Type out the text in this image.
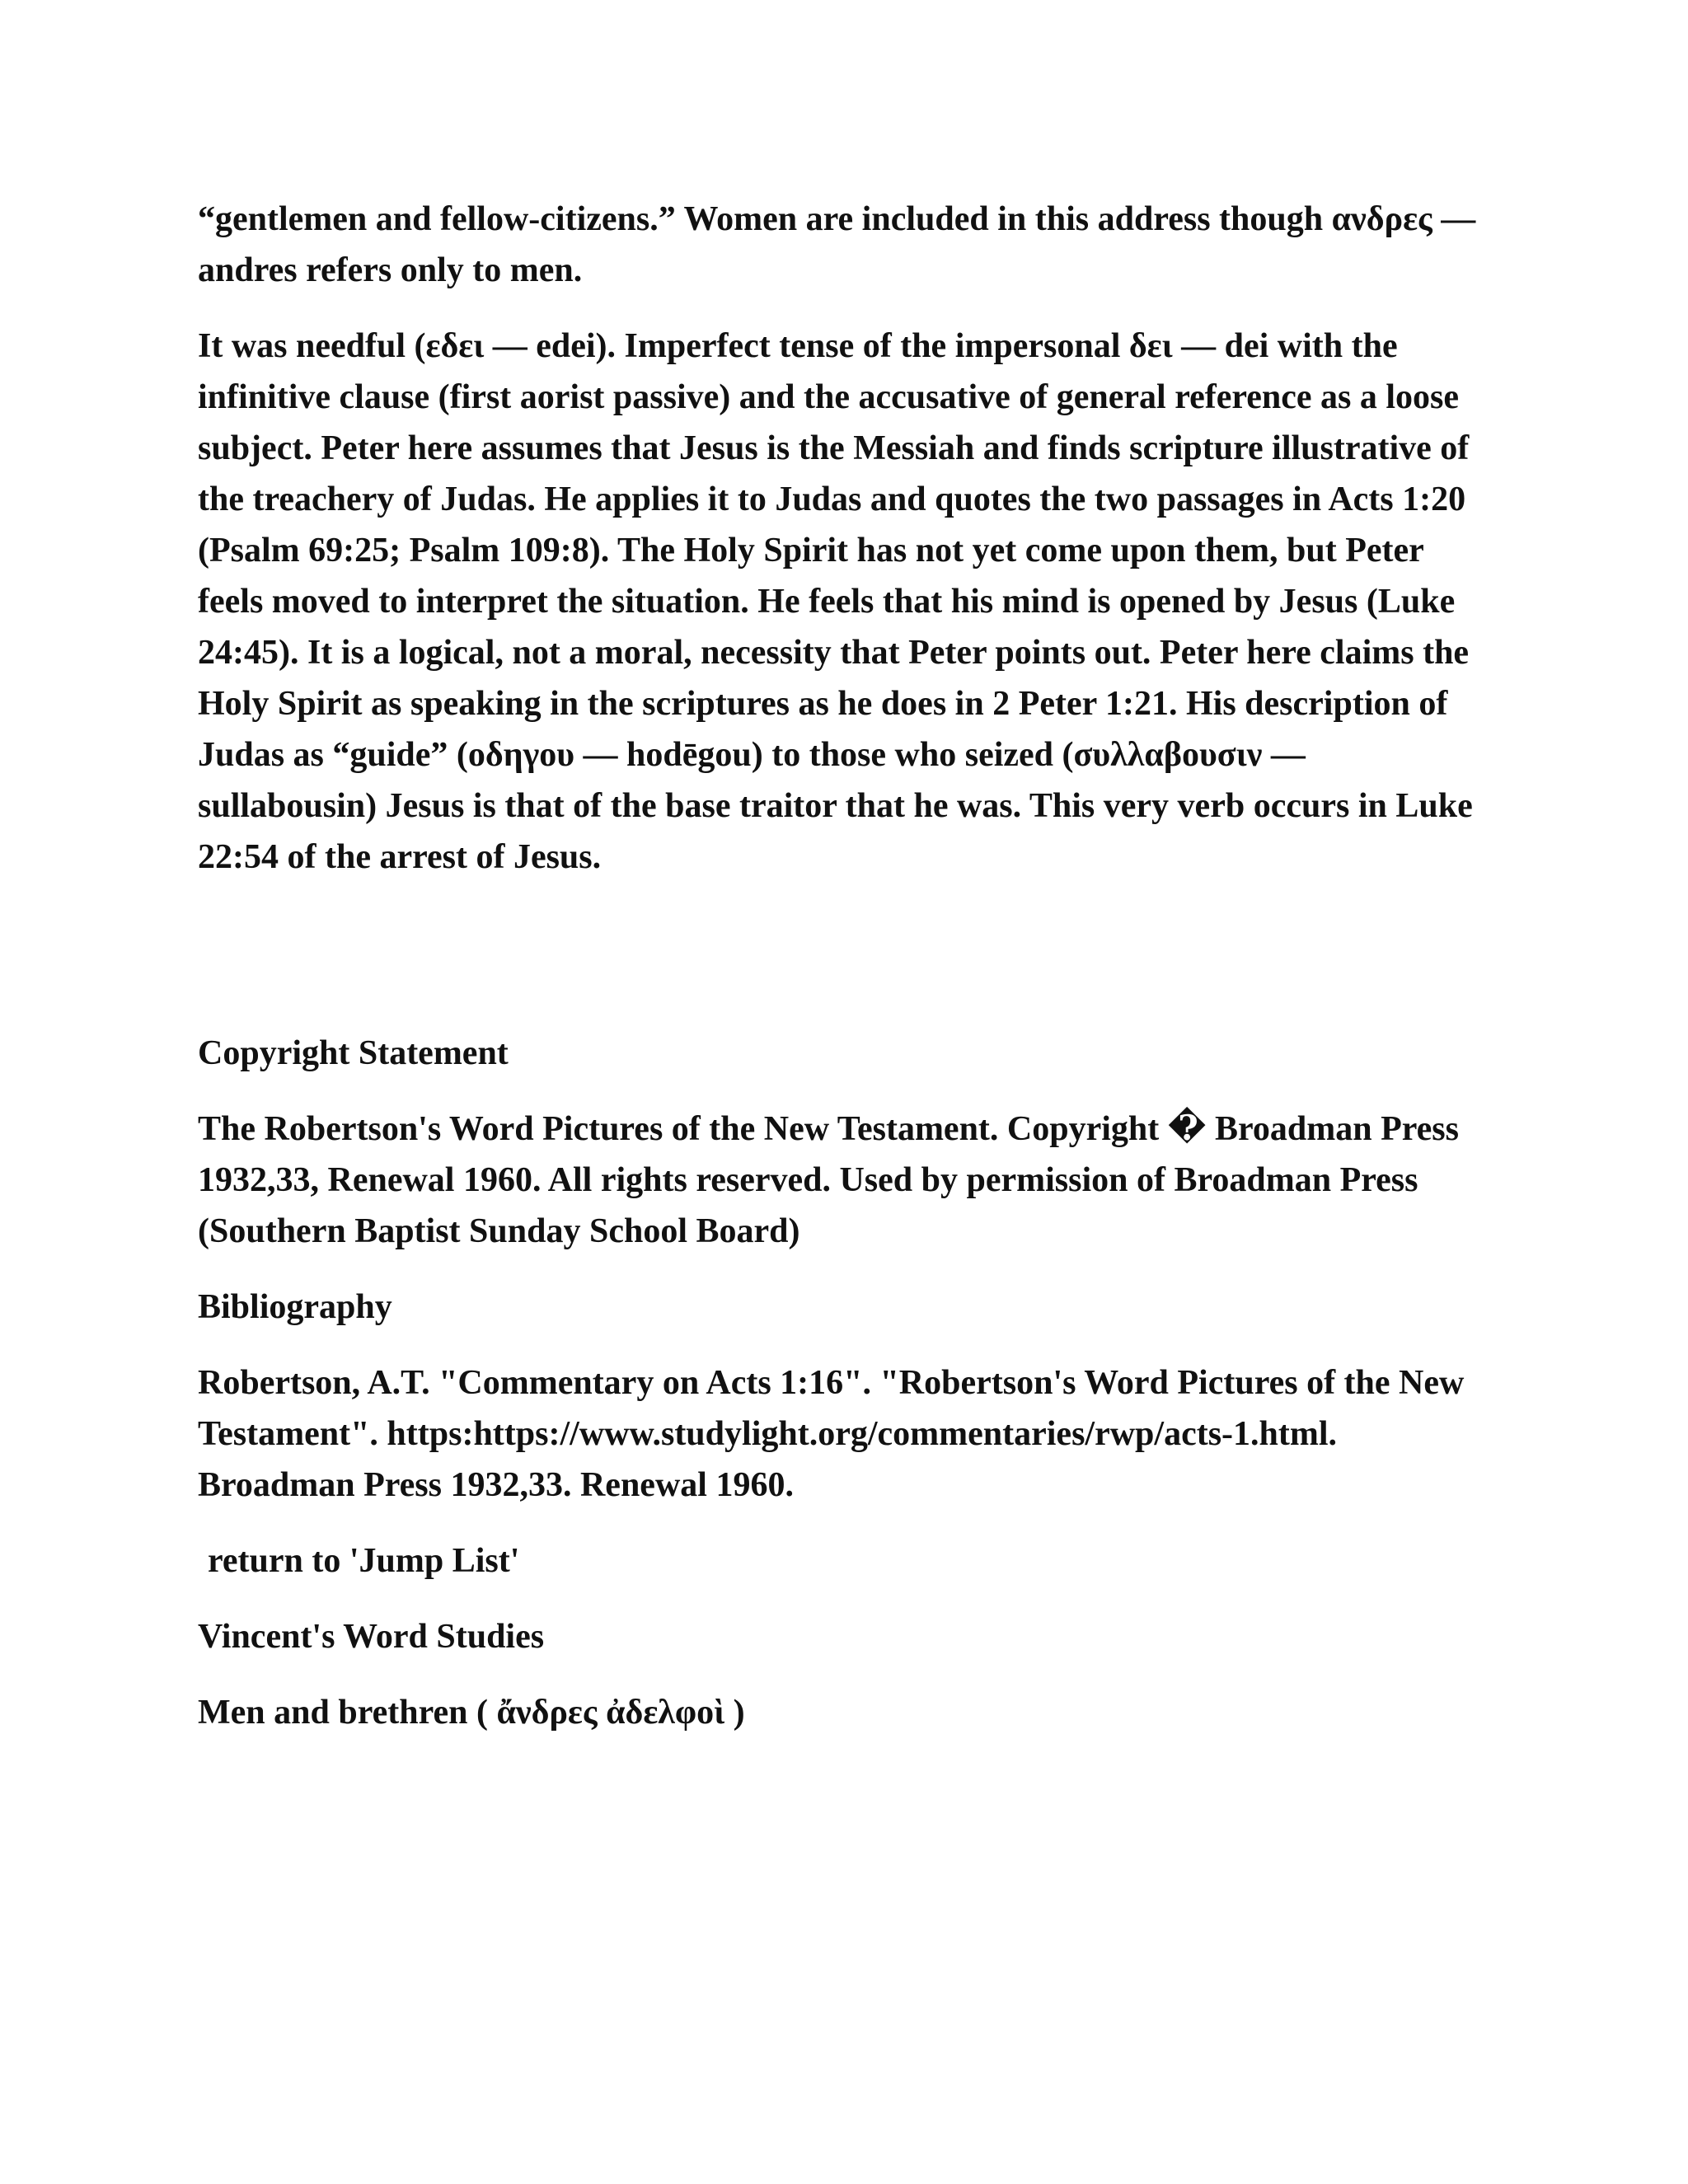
“gentlemen and fellow-citizens.” Women are included in this address though ανδρες — andres refers only to men.

It was needful (εδει — edei). Imperfect tense of the impersonal δει — dei with the infinitive clause (first aorist passive) and the accusative of general reference as a loose subject. Peter here assumes that Jesus is the Messiah and finds scripture illustrative of the treachery of Judas. He applies it to Judas and quotes the two passages in Acts 1:20 (Psalm 69:25; Psalm 109:8). The Holy Spirit has not yet come upon them, but Peter feels moved to interpret the situation. He feels that his mind is opened by Jesus (Luke 24:45). It is a logical, not a moral, necessity that Peter points out. Peter here claims the Holy Spirit as speaking in the scriptures as he does in 2 Peter 1:21. His description of Judas as “guide” (οδηγου — hodēgou) to those who seized (συλλαβουσιν — sullabousin) Jesus is that of the base traitor that he was. This very verb occurs in Luke 22:54 of the arrest of Jesus.

Copyright Statement

The Robertson's Word Pictures of the New Testament. Copyright � Broadman Press 1932,33, Renewal 1960. All rights reserved. Used by permission of Broadman Press (Southern Baptist Sunday School Board)

Bibliography

Robertson, A.T. "Commentary on Acts 1:16". "Robertson's Word Pictures of the New Testament". https:https://www.studylight.org/commentaries/rwp/acts-1.html. Broadman Press 1932,33. Renewal 1960.

return to 'Jump List'

Vincent's Word Studies

Men and brethren ( ἄνδρες ἀδελφοὶ )
